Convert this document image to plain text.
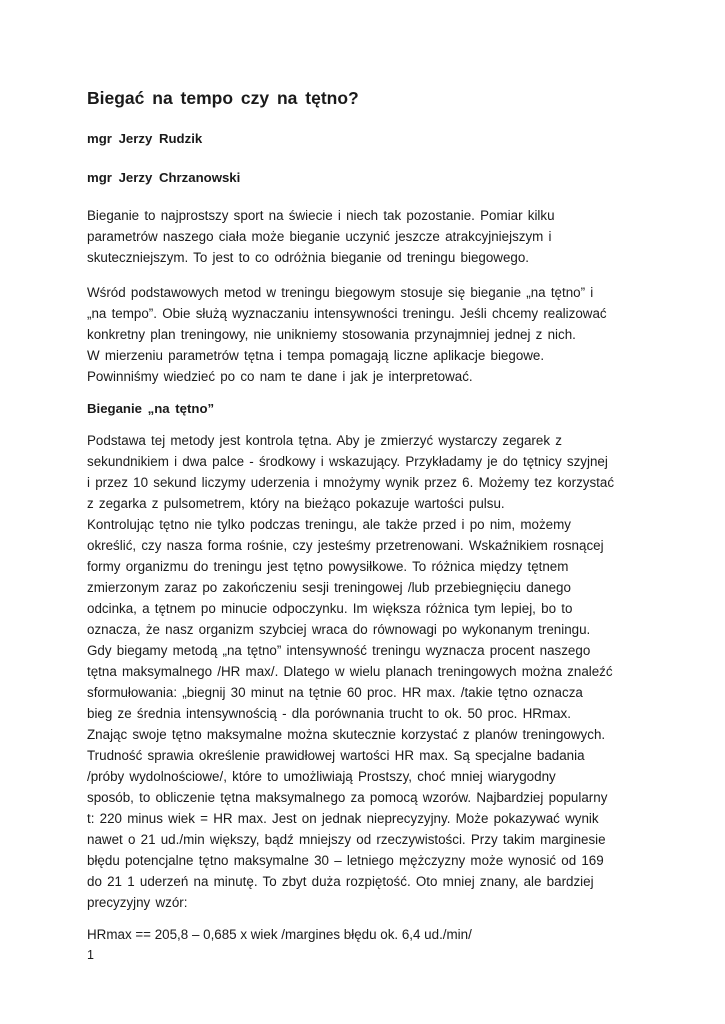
Biegać na tempo czy na tętno?
mgr Jerzy Rudzik
mgr Jerzy Chrzanowski

Bieganie to najprostszy sport na świecie i niech tak pozostanie. Pomiar kilku
parametrów naszego ciała może bieganie uczynić jeszcze atrakcyjniejszym i
skuteczniejszym. To jest to co odróżnia bieganie od treningu biegowego.

Wśród podstawowych metod w treningu biegowym stosuje się bieganie „na tętno” i
„na tempo”. Obie służą wyznaczaniu intensywności treningu. Jeśli chcemy realizować
konkretny plan treningowy, nie unikniemy stosowania przynajmniej jednej z nich.
W mierzeniu parametrów tętna i tempa pomagają liczne aplikacje biegowe.
Powinniśmy wiedzieć po co nam te dane i jak je interpretować.

Bieganie „na tętno”

Podstawa tej metody jest kontrola tętna. Aby je zmierzyć wystarczy zegarek z
sekundnikiem i dwa palce - środkowy i wskazujący. Przykładamy je do tętnicy szyjnej
i przez 10 sekund liczymy uderzenia i mnożymy wynik przez 6. Możemy tez korzystać
z zegarka z pulsometrem, który na bieżąco pokazuje wartości pulsu.
Kontrolując tętno nie tylko podczas treningu, ale także przed i po nim, możemy
określić, czy nasza forma rośnie, czy jesteśmy przetrenowani. Wskaźnikiem rosnącej
formy organizmu do treningu jest tętno powysiłkowe. To różnica między tętnem
zmierzonym zaraz po zakończeniu sesji treningowej /lub przebiegnięciu danego
odcinka, a tętnem po minucie odpoczynku. Im większa różnica tym lepiej, bo to
oznacza, że nasz organizm szybciej wraca do równowagi po wykonanym treningu.
Gdy biegamy metodą „na tętno” intensywność treningu wyznacza procent naszego
tętna maksymalnego /HR max/. Dlatego w wielu planach treningowych można znaleźć
sformułowania: „biegnij 30 minut na tętnie 60 proc. HR max. /takie tętno oznacza
bieg ze średnia intensywnością - dla porównania trucht to ok. 50 proc. HRmax.
Znając swoje tętno maksymalne można skutecznie korzystać z planów treningowych.
Trudność sprawia określenie prawidłowej wartości HR max. Są specjalne badania
/próby wydolnościowe/, które to umożliwiają Prostszy, choć mniej wiarygodny
sposób, to obliczenie tętna maksymalnego za pomocą wzorów. Najbardziej popularny
t: 220 minus wiek = HR max. Jest on jednak nieprecyzyjny. Może pokazywać wynik
nawet o 21 ud./min większy, bądź mniejszy od rzeczywistości. Przy takim marginesie
błędu potencjalne tętno maksymalne 30 – letniego mężczyzny może wynosić od 169
do 21 1 uderzeń na minutę. To zbyt duża rozpiętość. Oto mniej znany, ale bardziej
precyzyjny wzór:

HRmax == 205,8 – 0,685 x wiek /margines błędu ok. 6,4 ud./min/
1
